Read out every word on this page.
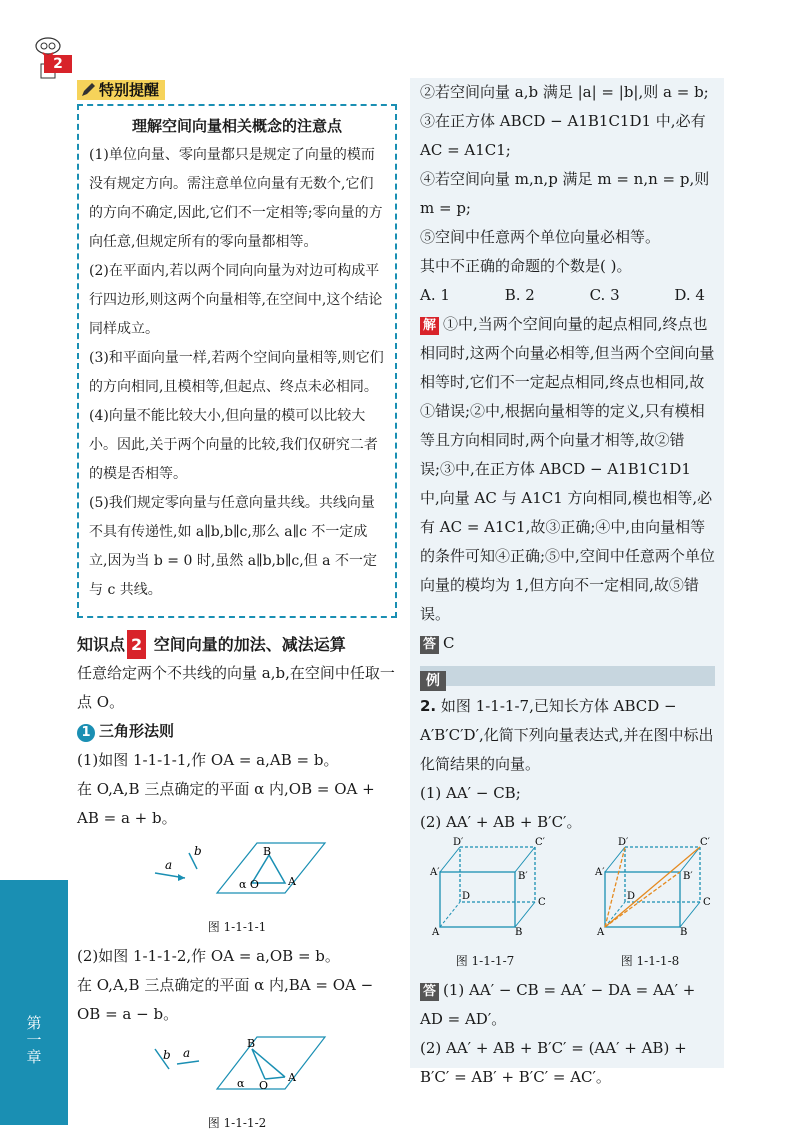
第一章
2
特别提醒

理解空间向量相关概念的注意点

(1)单位向量、零向量都只是规定了向量的模而没有规定方向。需注意单位向量有无数个,它们的方向不确定,因此,它们不一定相等;零向量的方向任意,但规定所有的零向量都相等。

(2)在平面内,若以两个同向向量为对边可构成平行四边形,则这两个向量相等,在空间中,这个结论同样成立。

(3)和平面向量一样,若两个空间向量相等,则它们的方向相同,且模相等,但起点、终点未必相同。

(4)向量不能比较大小,但向量的模可以比较大小。因此,关于两个向量的比较,我们仅研究二者的模是否相等。

(5)我们规定零向量与任意向量共线。共线向量不具有传递性,如 a∥b,b∥c,那么 a∥c 不一定成立,因为当 b = 0 时,虽然 a∥b,b∥c,但 a 不一定与 c 共线。

知识点 2 空间向量的加法、减法运算

任意给定两个不共线的向量 a,b,在空间中任取一点 O。

1 三角形法则

(1)如图 1-1-1-1,作 OA = a,AB = b。

在 O,A,B 三点确定的平面 α 内,OB = OA + AB = a + b。

a
b
α O
B
A

图 1-1-1-1

(2)如图 1-1-1-2,作 OA = a,OB = b。

在 O,A,B 三点确定的平面 α 内,BA = OA − OB = a − b。

b a
B
α O
A

图 1-1-1-2

②若空间向量 a,b 满足 |a| = |b|,则 a = b;

③在正方体 ABCD − A1B1C1D1 中,必有 AC = A1C1;

④若空间向量 m,n,p 满足 m = n,n = p,则 m = p;

⑤空间中任意两个单位向量必相等。

其中不正确的命题的个数是( )。

A. 1	B. 2	C. 3	D. 4

解 ①中,当两个空间向量的起点相同,终点也相同时,这两个向量必相等,但当两个空间向量相等时,它们不一定起点相同,终点也相同,故①错误;②中,根据向量相等的定义,只有模相等且方向相同时,两个向量才相等,故②错误;③中,在正方体 ABCD − A1B1C1D1 中,向量 AC 与 A1C1 方向相同,模也相等,必有 AC = A1C1,故③正确;④中,由向量相等的条件可知④正确;⑤中,空间中任意两个单位向量的模均为 1,但方向不一定相同,故⑤错误。

答 C

例

2. 如图 1-1-1-7,已知长方体 ABCD − A′B′C′D′,化简下列向量表达式,并在图中标出化简结果的向量。

(1) AA′ − CB;

(2) AA′ + AB + B′C′。

D′	C′
A′	B′
D
C
A	B

图 1-1-1-7

D′	C′
A′	B′
D
C
A	B

图 1-1-1-8

答 (1) AA′ − CB = AA′ − DA = AA′ + AD = AD′。

(2) AA′ + AB + B′C′ = (AA′ + AB) + B′C′ = AB′ + B′C′ = AC′。
